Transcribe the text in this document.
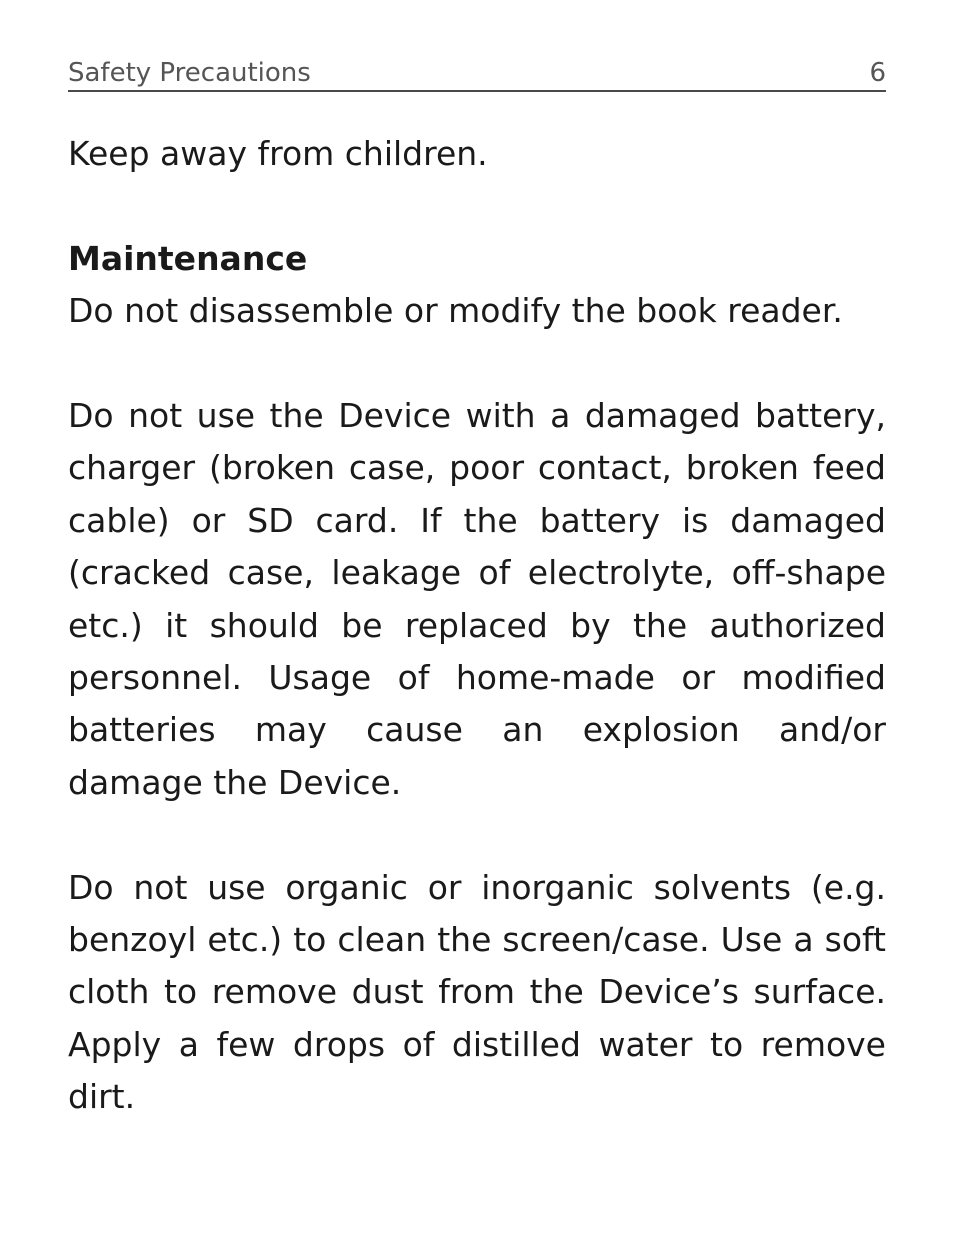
Safety Precautions	6

Keep away from children.

Maintenance

Do not disassemble or modify the book reader.

Do not use the Device with a damaged battery, charger (broken case, poor contact, broken feed cable) or SD card. If the battery is damaged (cracked case, leakage of electrolyte, off-shape etc.) it should be replaced by the authorized personnel. Usage of home-made or modified batteries may cause an explosion and/or damage the Device.

Do not use organic or inorganic solvents (e.g. benzoyl etc.) to clean the screen/case. Use a soft cloth to remove dust from the Device’s surface. Apply a few drops of distilled water to remove dirt.
